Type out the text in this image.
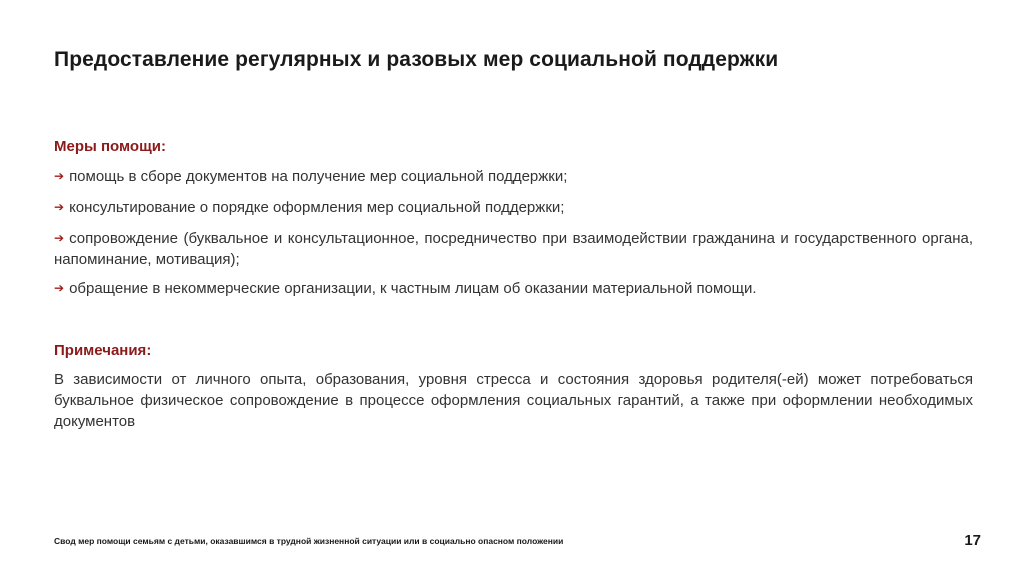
Предоставление регулярных и разовых мер социальной поддержки
Меры помощи:
➔ помощь в сборе документов на получение мер социальной поддержки;
➔ консультирование о порядке оформления мер социальной поддержки;
➔ сопровождение (буквальное и консультационное, посредничество при взаимодействии гражданина и государственного органа, напоминание, мотивация);
➔ обращение в некоммерческие организации, к частным лицам об оказании материальной помощи.
Примечания:
В зависимости от личного опыта, образования, уровня стресса и состояния здоровья родителя(-ей) может потребоваться буквальное физическое сопровождение в процессе оформления социальных гарантий, а также при оформлении необходимых документов
Свод мер помощи семьям с детьми, оказавшимся в трудной жизненной ситуации или в социально опасном положении	17
